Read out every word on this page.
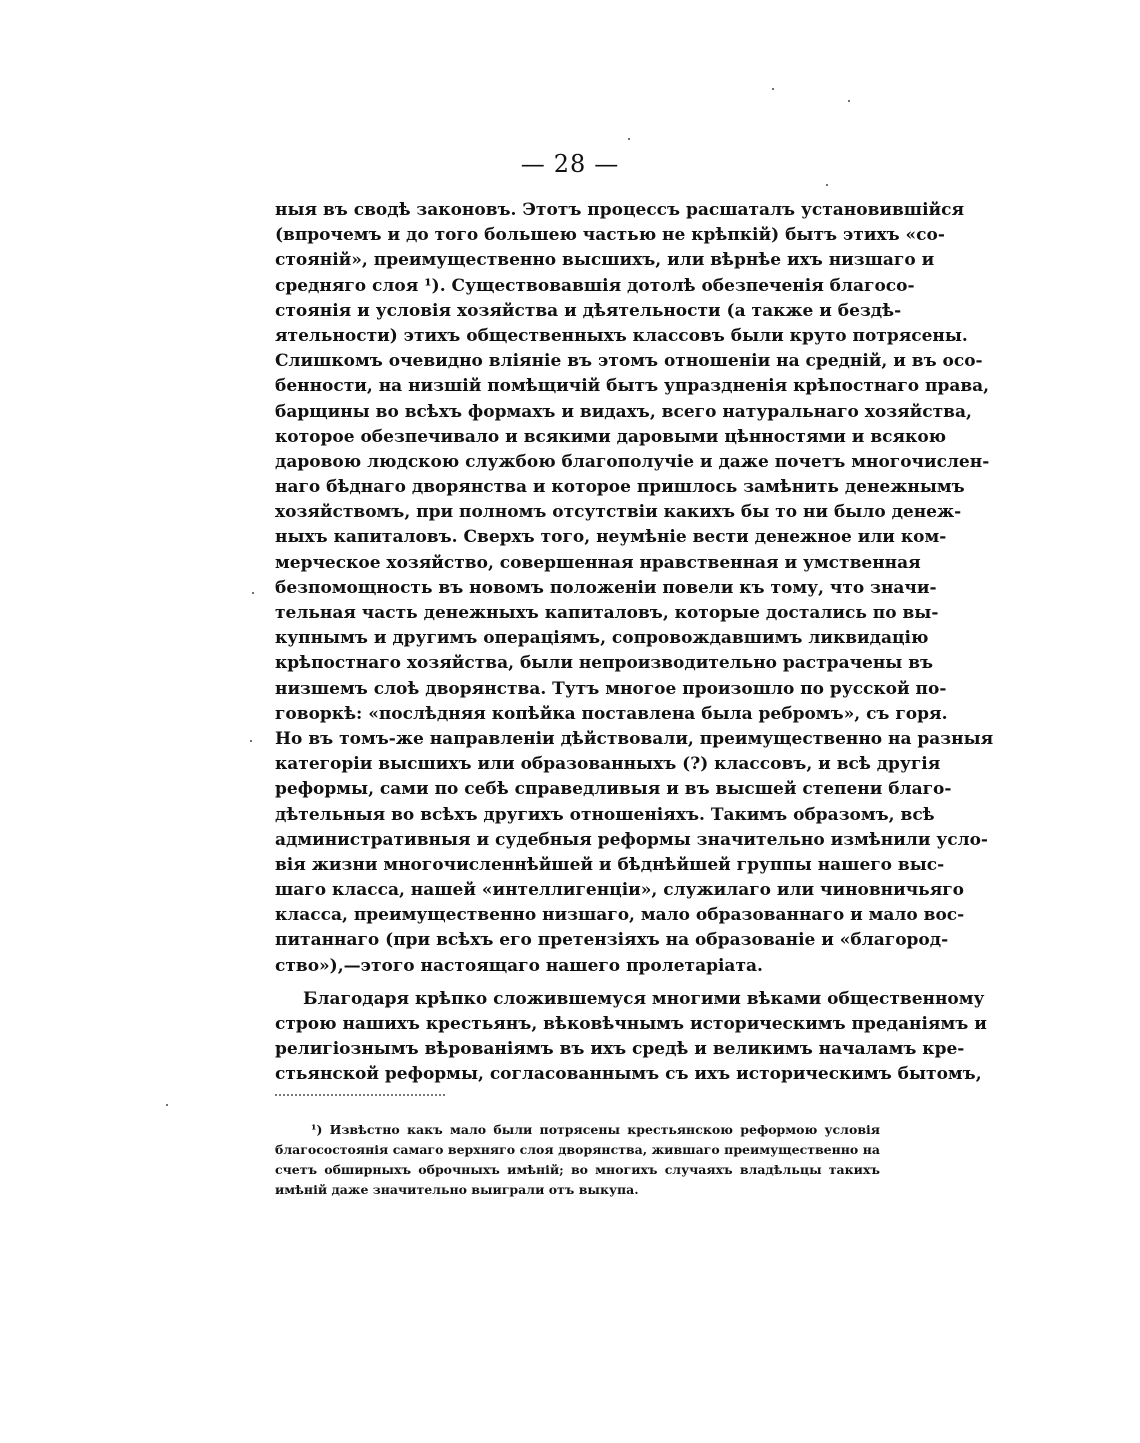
— 28 —
ныя въ сводѣ законовъ. Этотъ процессъ расшаталъ установившійся
(впрочемъ и до того большею частью не крѣпкій) бытъ этихъ «со-
стояній», преимущественно высшихъ, или вѣрнѣе ихъ низшаго и
средняго слоя ¹). Существовавшія дотолѣ обезпеченія благосо-
стоянія и условія хозяйства и дѣятельности (а также и бездѣ-
ятельности) этихъ общественныхъ классовъ были круто потрясены.
Слишкомъ очевидно вліяніе въ этомъ отношеніи на средній, и въ осо-
бенности, на низшій помѣщичій бытъ упраздненія крѣпостнаго права,
барщины во всѣхъ формахъ и видахъ, всего натуральнаго хозяйства,
которое обезпечивало и всякими даровыми цѣнностями и всякою
даровою людскою службою благополучіе и даже почетъ многочислен-
наго бѣднаго дворянства и которое пришлось замѣнить денежнымъ
хозяйствомъ, при полномъ отсутствіи какихъ бы то ни было денеж-
ныхъ капиталовъ. Сверхъ того, неумѣніе вести денежное или ком-
мерческое хозяйство, совершенная нравственная и умственная
безпомощность въ новомъ положеніи повели къ тому, что значи-
тельная часть денежныхъ капиталовъ, которые достались по вы-
купнымъ и другимъ операціямъ, сопровождавшимъ ликвидацію
крѣпостнаго хозяйства, были непроизводительно растрачены въ
низшемъ слоѣ дворянства. Тутъ многое произошло по русской по-
говоркѣ: «послѣдняя копѣйка поставлена была ребромъ», съ горя.
Но въ томъ-же направленіи дѣйствовали, преимущественно на разныя
категоріи высшихъ или образованныхъ (?) классовъ, и всѣ другія
реформы, сами по себѣ справедливыя и въ высшей степени благо-
дѣтельныя во всѣхъ другихъ отношеніяхъ. Такимъ образомъ, всѣ
административныя и судебныя реформы значительно измѣнили усло-
вія жизни многочисленнѣйшей и бѣднѣйшей группы нашего выс-
шаго класса, нашей «интеллигенціи», служилаго или чиновничьяго
класса, преимущественно низшаго, мало образованнаго и мало вос-
питаннаго (при всѣхъ его претензіяхъ на образованіе и «благород-
ство»),—этого настоящаго нашего пролетаріата.
Благодаря крѣпко сложившемуся многими вѣками общественному
строю нашихъ крестьянъ, вѣковѣчнымъ историческимъ преданіямъ и
религіознымъ вѣрованіямъ въ ихъ средѣ и великимъ началамъ кре-
стьянской реформы, согласованнымъ съ ихъ историческимъ бытомъ,
¹) Извѣстно какъ мало были потрясены крестьянскою реформою условія
благосостоянія самаго верхняго слоя дворянства, жившаго преимущественно на
счетъ обширныхъ оброчныхъ имѣній; во многихъ случаяхъ владѣльцы такихъ
имѣній даже значительно выиграли отъ выкупа.
